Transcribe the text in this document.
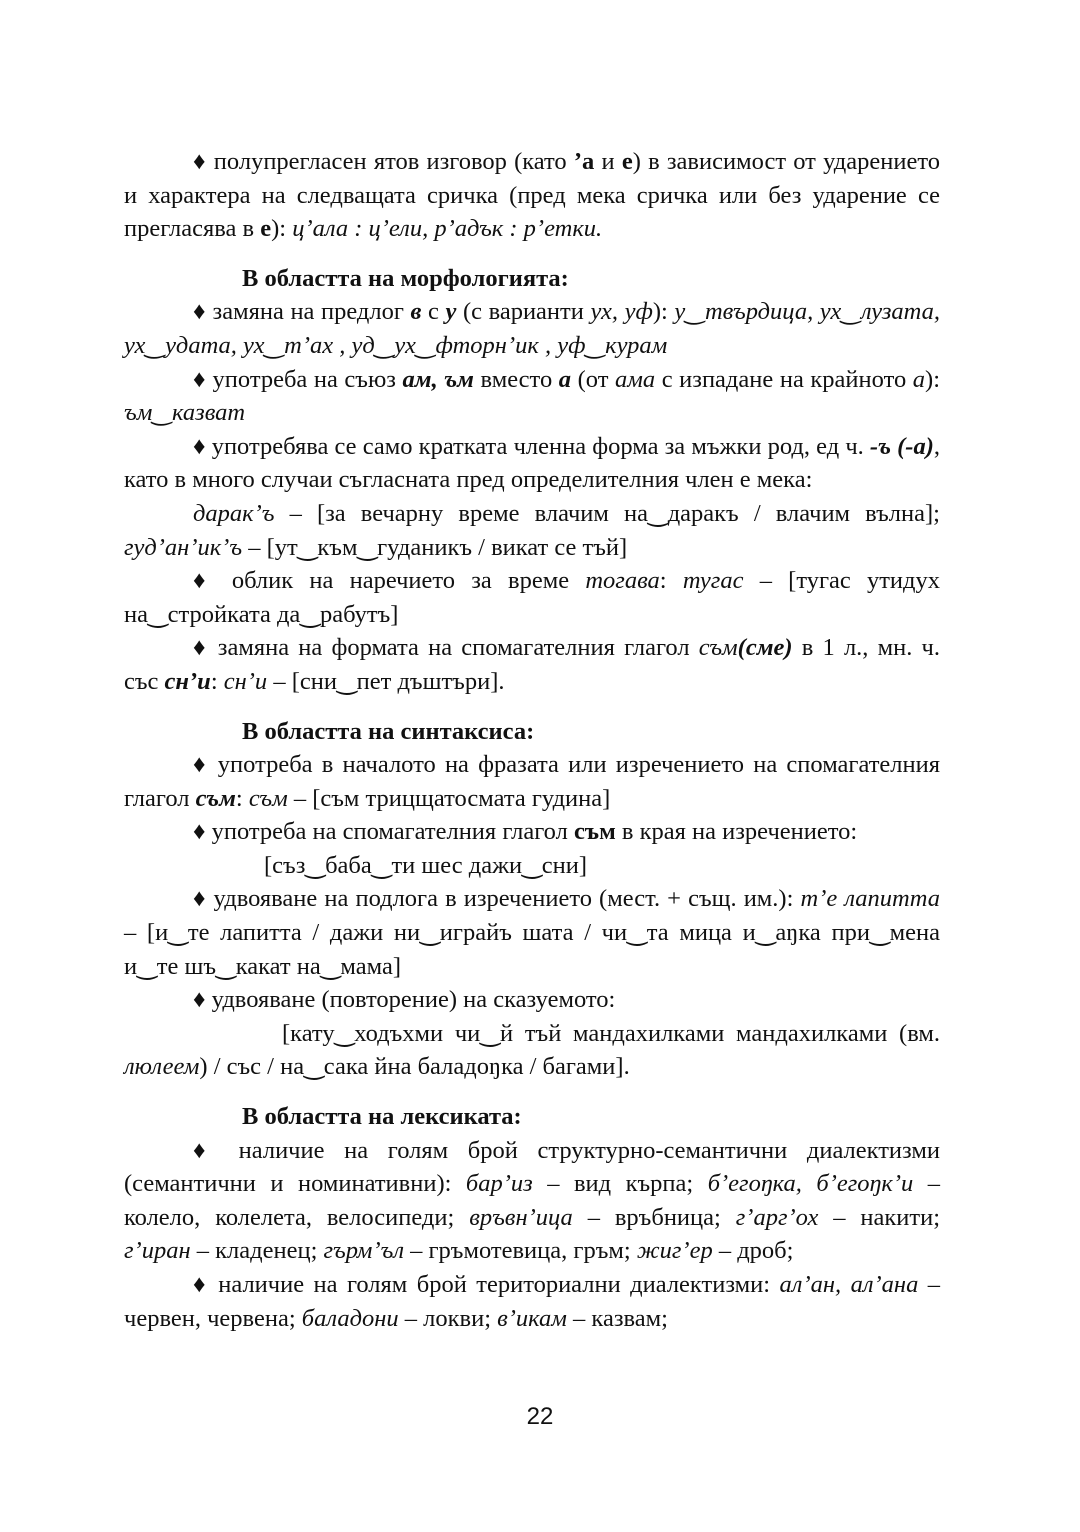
♦ полупрегласен ятов изговор (като ’а и е) в зависимост от ударението и характера на следващата сричка (пред мека сричка или без ударение се прегласява в е): ц’ала : ц’ели, р’адък : р’етки.

В областта на морфологията:

♦ замяна на предлог в с у (с варианти ух, уф): у‿твърдица, ух‿лузата, ух‿удата, ух‿т’ах , уд‿ух‿фторн’ик , уф‿курам

♦ употреба на съюз ам, ъм вместо а (от ама с изпадане на крайното а): ъм‿казват

♦ употребява се само кратката членна форма за мъжки род, ед ч. -ъ (-а), като в много случаи съгласната пред определителния член е мека:

дарак’ъ – [за вечарну време влачим на‿даракъ / влачим вълна]; гуд’ан’ик’ъ – [ут‿към‿гуданикъ / викат се тъй]

♦ облик на наречието за време тогава: тугас – [тугас утидух на‿стройката да‿рабутъ]

♦ замяна на формата на спомагателния глагол съм(сме) в 1 л., мн. ч. със сн’и: сн’и – [сни‿пет дъштъри].

В областта на синтаксиса:

♦ употреба в началото на фразата или изречението на спомагателния глагол съм: съм – [съм трицщатосмата гудина]

♦ употреба на спомагателния глагол съм в края на изречението:

[съз‿баба‿ти шес дажи‿сни]

♦ удвояване на подлога в изречението (мест. + същ. им.): т’е лапитта – [и‿те лапитта / дажи ни‿играйъ шата / чи‿та мица и‿аŋка при‿мена и‿те шъ‿какат на‿мама]

♦ удвояване (повторение) на сказуемото:

[кату‿ходъхми чи‿й тъй мандахилками мандахилками (вм. люлеем) / със / на‿сака йна баладоŋка / багами].

В областта на лексиката:

♦ наличие на голям брой структурно-семантични диалектизми (семантични и номинативни): бар’из – вид кърпа; б’егоŋка, б’егоŋк’и – колело, колелета, велосипеди; връвн’ица – връбница; г’арг’ох – накити; г’иран – кладенец; гърм’ъл – гръмотевица, гръм; жиг’ер – дроб;

♦ наличие на голям брой териториални диалектизми: ал’ан, ал’ана – червен, червена; баладони – локви; в’икам – казвам;

22
